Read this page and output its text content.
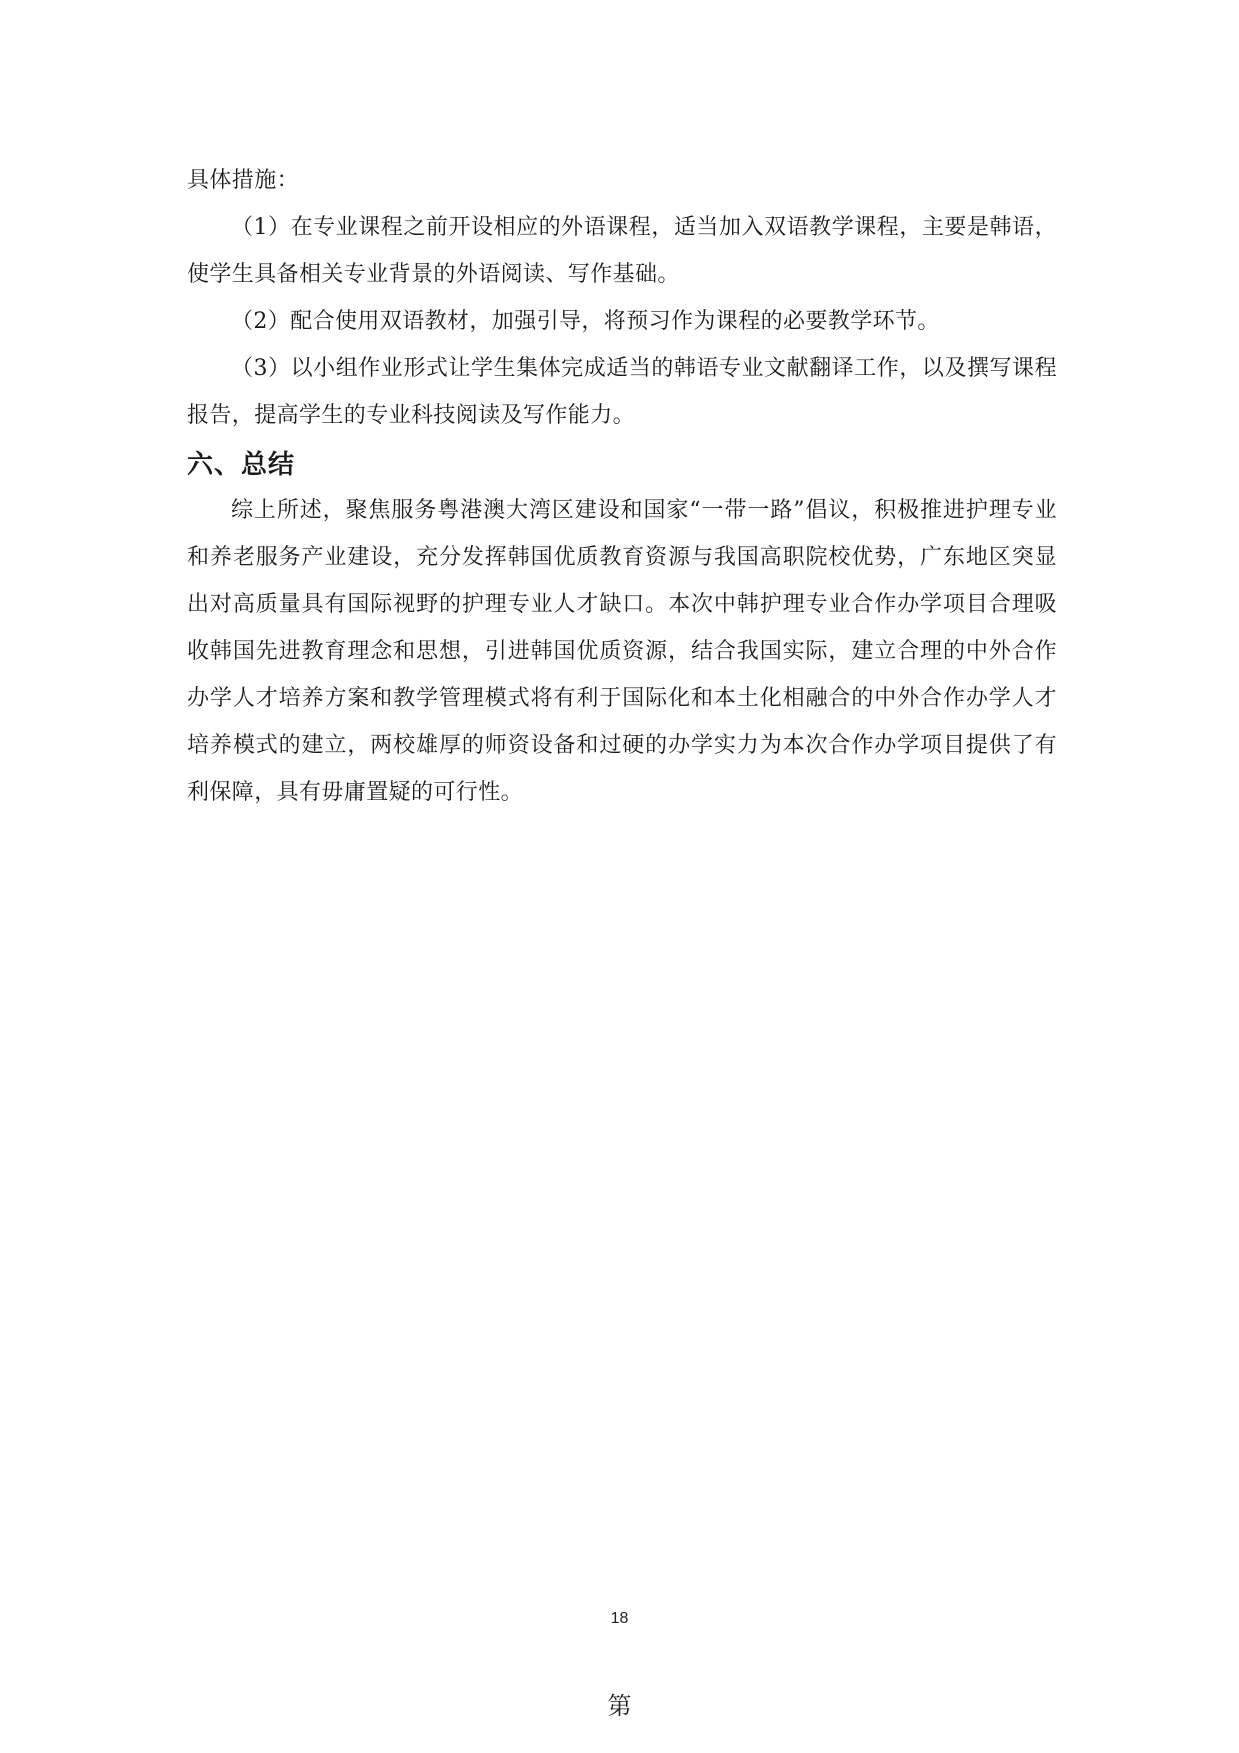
具体措施：

（1）在专业课程之前开设相应的外语课程，适当加入双语教学课程，主要是韩语，使学生具备相关专业背景的外语阅读、写作基础。

（2）配合使用双语教材，加强引导，将预习作为课程的必要教学环节。

（3）以小组作业形式让学生集体完成适当的韩语专业文献翻译工作，以及撰写课程报告，提高学生的专业科技阅读及写作能力。

六、总结

综上所述，聚焦服务粤港澳大湾区建设和国家“一带一路”倡议，积极推进护理专业和养老服务产业建设，充分发挥韩国优质教育资源与我国高职院校优势，广东地区突显出对高质量具有国际视野的护理专业人才缺口。本次中韩护理专业合作办学项目合理吸收韩国先进教育理念和思想，引进韩国优质资源，结合我国实际，建立合理的中外合作办学人才培养方案和教学管理模式将有利于国际化和本土化相融合的中外合作办学人才培养模式的建立，两校雄厚的师资设备和过硬的办学实力为本次合作办学项目提供了有利保障，具有毋庸置疑的可行性。

18
第
